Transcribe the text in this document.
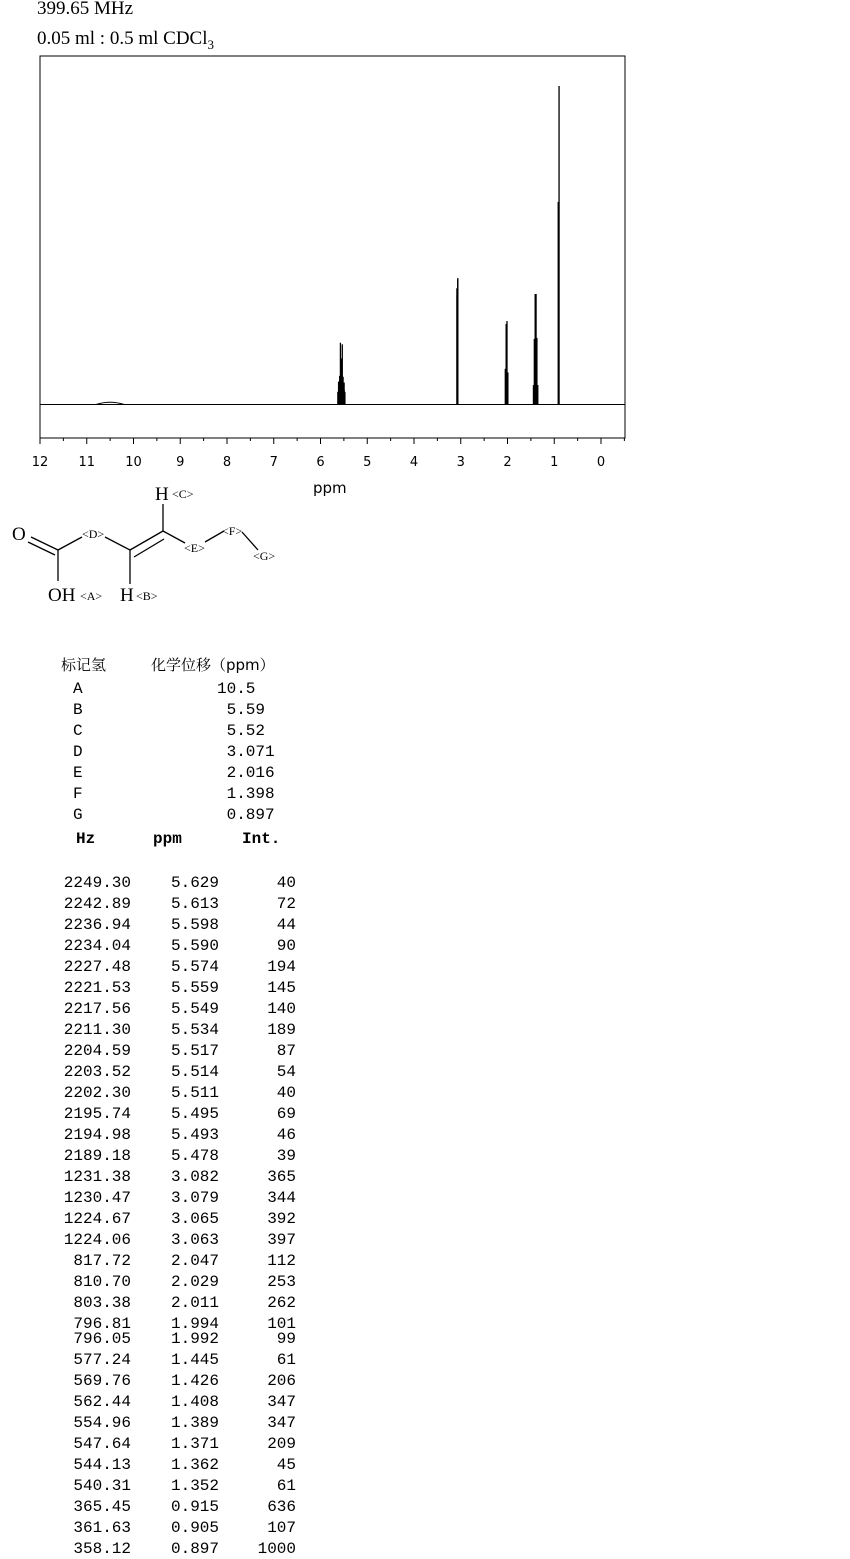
399.65 MHz
0.05 ml : 0.5 ml CDCl$_3$
12 11 10	9	8	7	6	5	4	3	2	1	0
ppm
O
OH <A> H <B>
H <C>
<D>
<E>
<F>
<G>
标记氢	化学位移（ppm）
A	10.5
B	5.59
C	5.52
D	3.071
E	2.016
F	1.398
G	0.897
Hz	ppm	Int.
2249.30 5.629	40
2242.89 5.613	72
2236.94 5.598	44
2234.04 5.590	90
2227.48 5.574	194
2221.53 5.559	145
2217.56 5.549	140
2211.30 5.534	189
2204.59 5.517	87
2203.52 5.514	54
2202.30 5.511	40
2195.74 5.495	69
2194.98 5.493	46
2189.18 5.478	39
1231.38 3.082	365
1230.47 3.079	344
1224.67 3.065	392
1224.06 3.063	397
817.72 2.047	112
810.70 2.029	253
803.38 2.011	262
796.81 1.994	101
796.05 1.992	99
577.24 1.445	61
569.76 1.426	206
562.44 1.408	347
554.96 1.389	347
547.64 1.371	209
544.13 1.362	45
540.31 1.352	61
365.45 0.915	636
361.63 0.905	107
358.12 0.897 1000
